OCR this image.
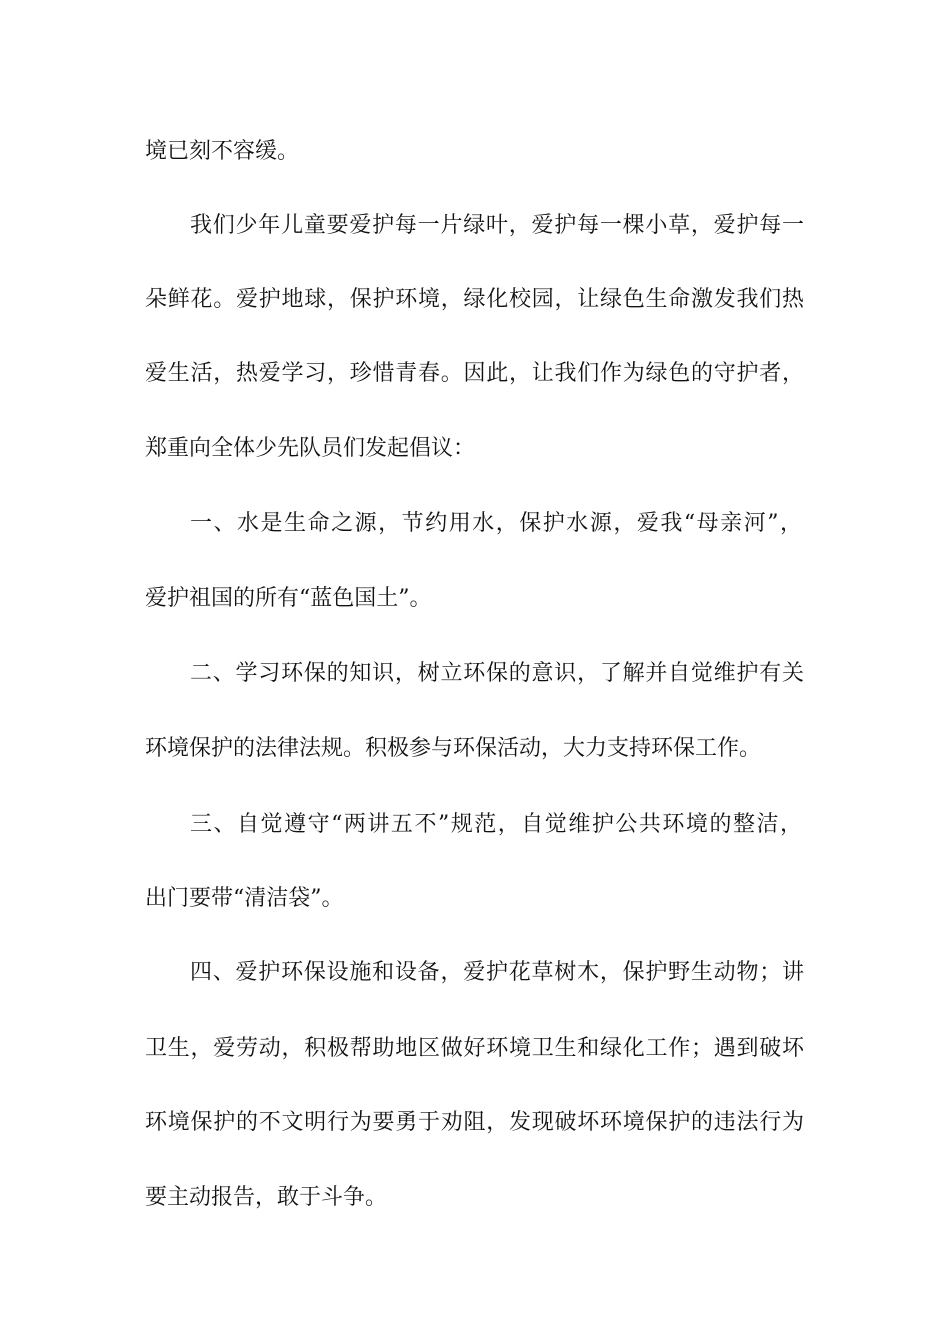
境已刻不容缓。
我们少年儿童要爱护每一片绿叶，爱护每一棵小草，爱护每一
朵鲜花。爱护地球，保护环境，绿化校园，让绿色生命激发我们热
爱生活，热爱学习，珍惜青春。因此，让我们作为绿色的守护者，
郑重向全体少先队员们发起倡议：
一、水是生命之源，节约用水，保护水源，爱我“母亲河”，
爱护祖国的所有“蓝色国土”。
二、学习环保的知识，树立环保的意识，了解并自觉维护有关
环境保护的法律法规。积极参与环保活动，大力支持环保工作。
三、自觉遵守“两讲五不”规范，自觉维护公共环境的整洁，
出门要带“清洁袋”。
四、爱护环保设施和设备，爱护花草树木，保护野生动物；讲
卫生，爱劳动，积极帮助地区做好环境卫生和绿化工作；遇到破坏
环境保护的不文明行为要勇于劝阻，发现破坏环境保护的违法行为
要主动报告，敢于斗争。
